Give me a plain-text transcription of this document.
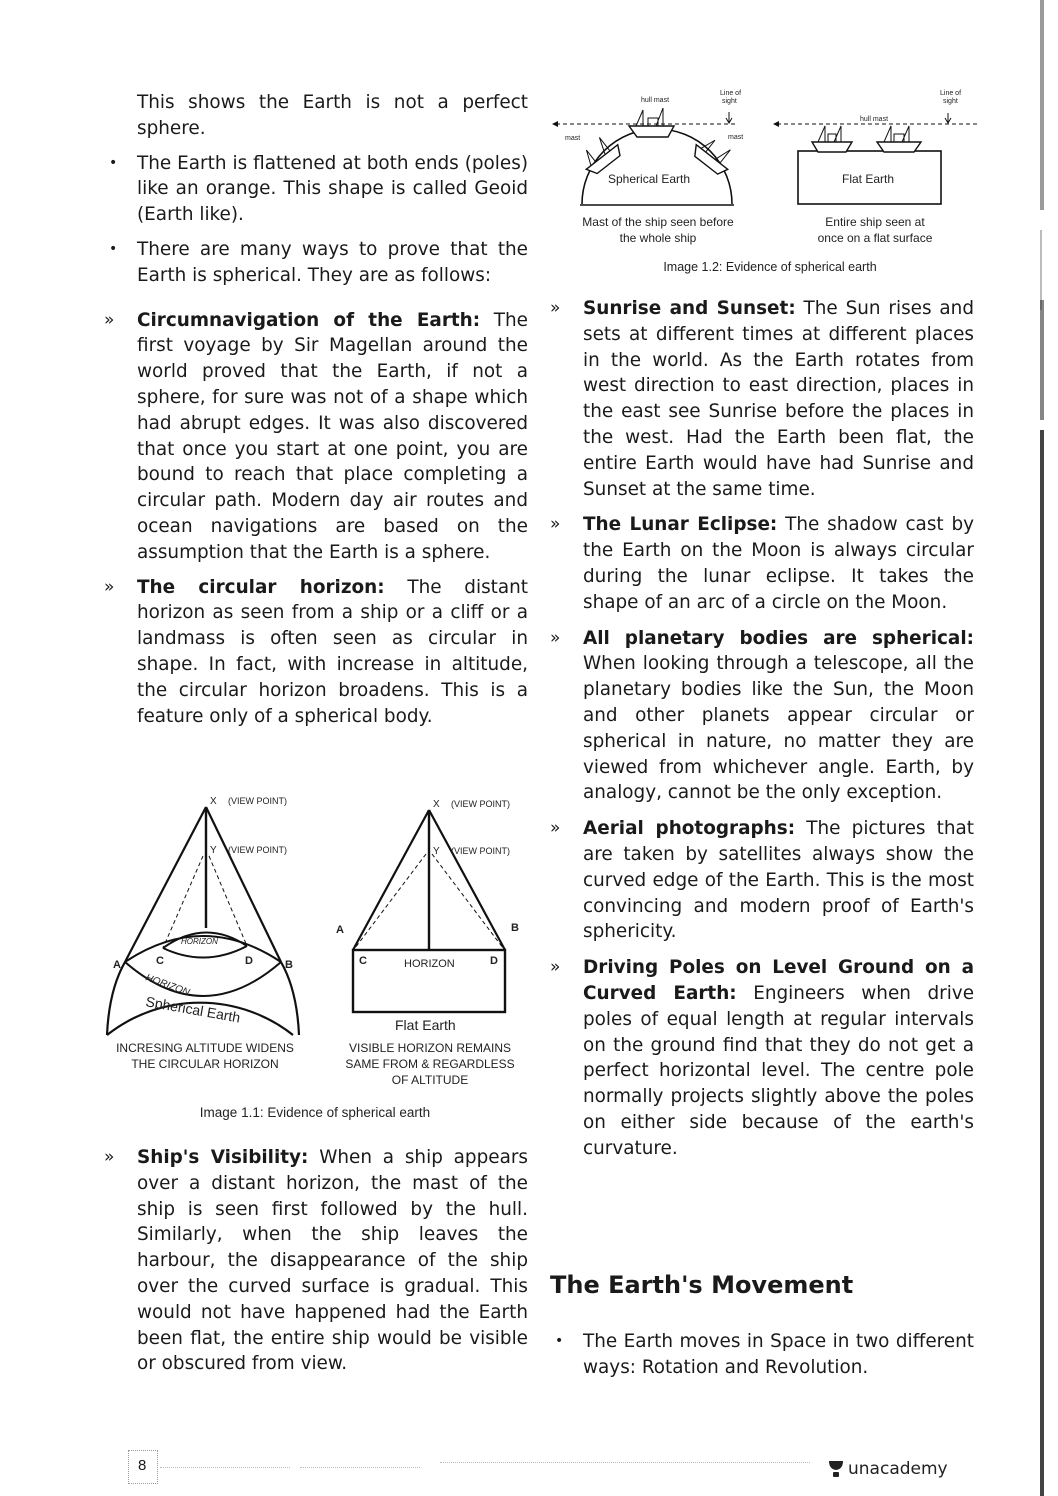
This shows the Earth is not a perfect sphere.

•	The Earth is flattened at both ends (poles) like an orange. This shape is called Geoid (Earth like).

•	There are many ways to prove that the Earth is spherical. They are as follows:

»	Circumnavigation of the Earth: The first voyage by Sir Magellan around the world proved that the Earth, if not a sphere, for sure was not of a shape which had abrupt edges. It was also discovered that once you start at one point, you are bound to reach that place completing a circular path. Modern day air routes and ocean navigations are based on the assumption that the Earth is a sphere.

»	The circular horizon: The distant horizon as seen from a ship or a cliff or a landmass is often seen as circular in shape. In fact, with increase in altitude, the circular horizon broadens. This is a feature only of a spherical body.

X (VIEW POINT)
Y (VIEW POINT)
A	B
C	D
HORIZON
HORIZON
Spherical Earth
X (VIEW POINT)
Y (VIEW POINT)
A	B
C	D
HORIZON
Flat Earth
INCRESING ALTITUDE WIDENS
THE CIRCULAR HORIZON
VISIBLE HORIZON REMAINS
SAME FROM & REGARDLESS
OF ALTITUDE
Image 1.1: Evidence of spherical earth

»	Ship's Visibility: When a ship appears over a distant horizon, the mast of the ship is seen first followed by the hull. Similarly, when the ship leaves the harbour, the disappearance of the ship over the curved surface is gradual. This would not have happened had the Earth been flat, the entire ship would be visible or obscured from view.

hull mast
Line of
sight
mast	mast
Spherical Earth
hull mast
Line of
sight
Flat Earth
Mast of the ship seen before
the whole ship
Entire ship seen at
once on a flat surface
Image 1.2: Evidence of spherical earth

»	Sunrise and Sunset: The Sun rises and sets at different times at different places in the world. As the Earth rotates from west direction to east direction, places in the east see Sunrise before the places in the west. Had the Earth been flat, the entire Earth would have had Sunrise and Sunset at the same time.

»	The Lunar Eclipse: The shadow cast by the Earth on the Moon is always circular during the lunar eclipse. It takes the shape of an arc of a circle on the Moon.

»	All planetary bodies are spherical: When looking through a telescope, all the planetary bodies like the Sun, the Moon and other planets appear circular or spherical in nature, no matter they are viewed from whichever angle. Earth, by analogy, cannot be the only exception.

»	Aerial photographs: The pictures that are taken by satellites always show the curved edge of the Earth. This is the most convincing and modern proof of Earth's sphericity.

»	Driving Poles on Level Ground on a Curved Earth: Engineers when drive poles of equal length at regular intervals on the ground find that they do not get a perfect horizontal level. The centre pole normally projects slightly above the poles on either side because of the earth's curvature.

The Earth's Movement

•	The Earth moves in Space in two different ways: Rotation and Revolution.

8	unacademy
